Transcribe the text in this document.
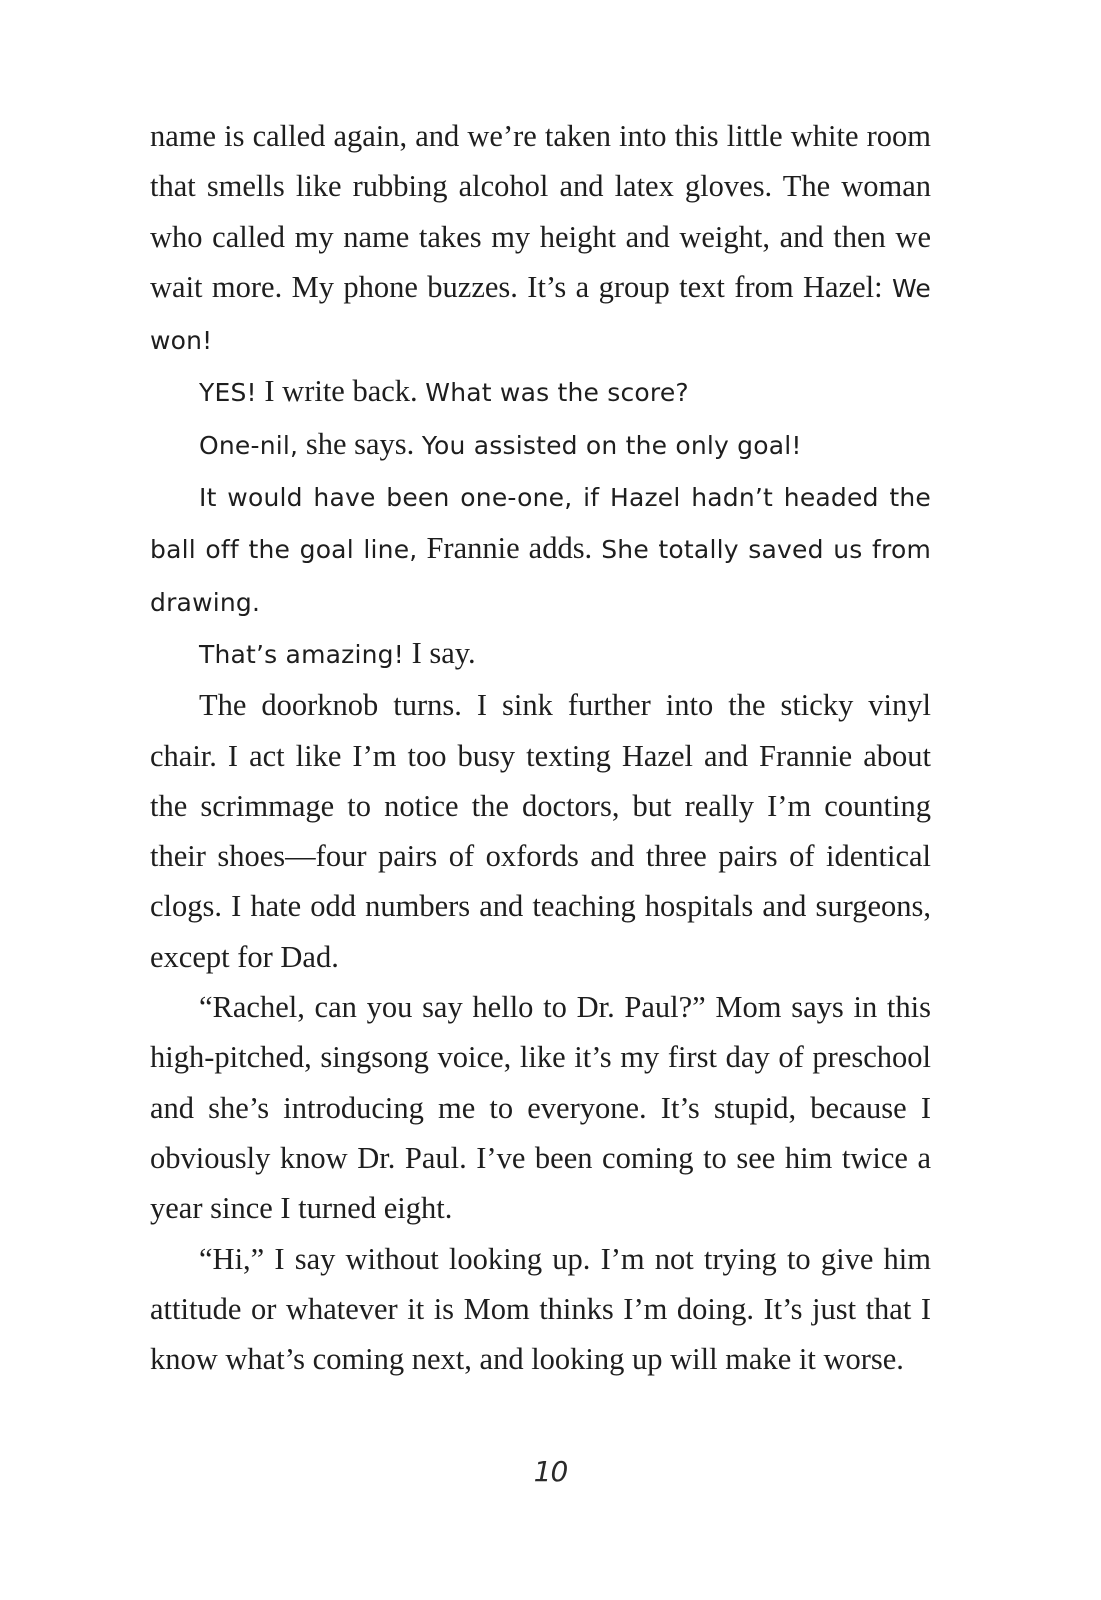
name is called again, and we’re taken into this little white room that smells like rubbing alcohol and latex gloves. The woman who called my name takes my height and weight, and then we wait more. My phone buzzes. It’s a group text from Hazel: We won!

YES! I write back. What was the score?

One-nil, she says. You assisted on the only goal!

It would have been one-one, if Hazel hadn’t headed the ball off the goal line, Frannie adds. She totally saved us from drawing.

That’s amazing! I say.

The doorknob turns. I sink further into the sticky vinyl chair. I act like I’m too busy texting Hazel and Frannie about the scrimmage to notice the doctors, but really I’m counting their shoes—four pairs of oxfords and three pairs of identical clogs. I hate odd numbers and teaching hospitals and surgeons, except for Dad.

“Rachel, can you say hello to Dr. Paul?” Mom says in this high-pitched, singsong voice, like it’s my first day of preschool and she’s introducing me to everyone. It’s stupid, because I obviously know Dr. Paul. I’ve been coming to see him twice a year since I turned eight.

“Hi,” I say without looking up. I’m not trying to give him attitude or whatever it is Mom thinks I’m doing. It’s just that I know what’s coming next, and looking up will make it worse.

10
